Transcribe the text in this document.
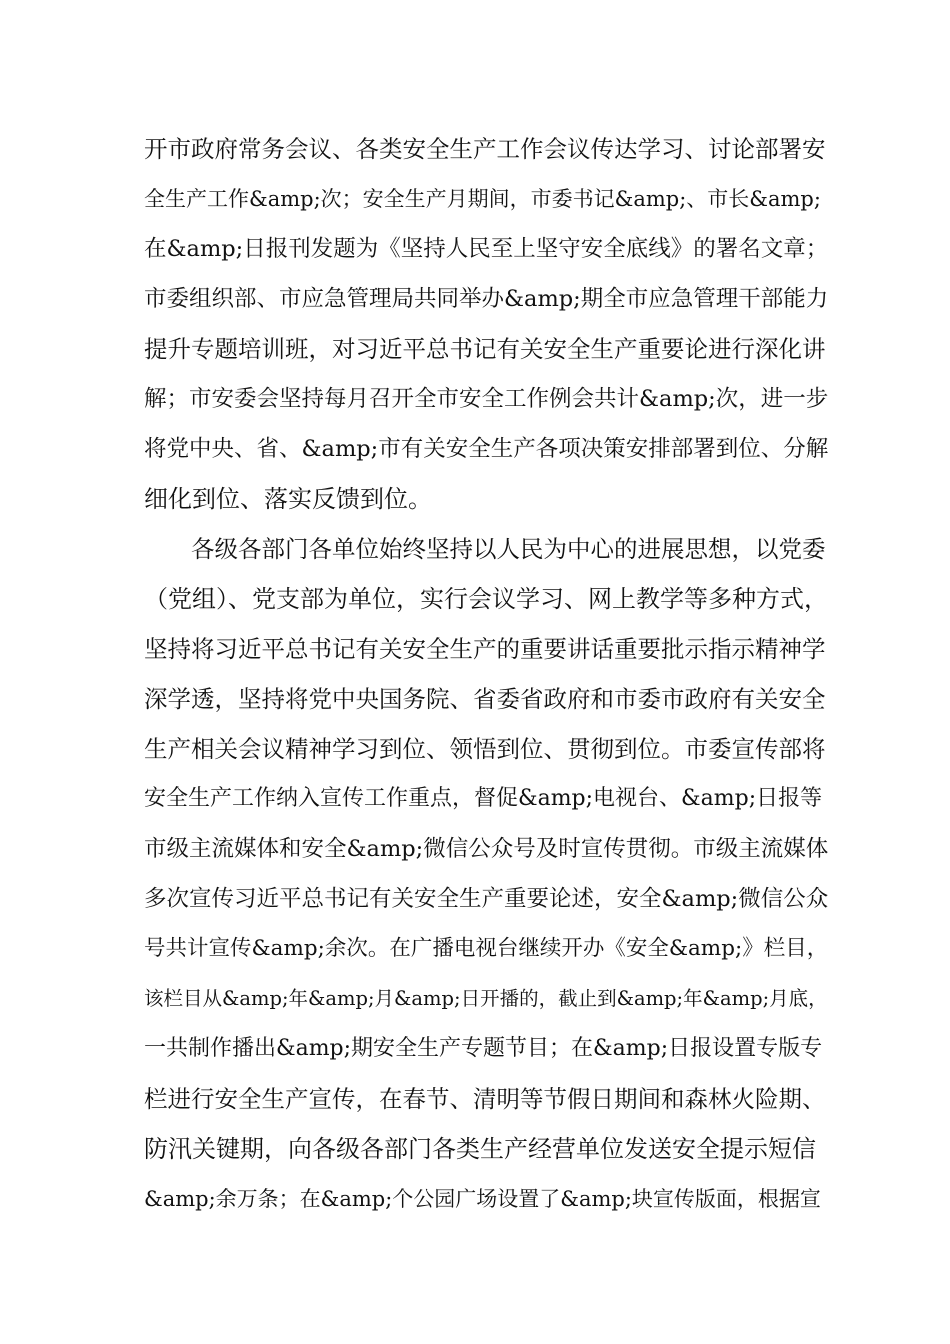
开市政府常务会议、各类安全生产工作会议传达学习、讨论部署安
全生产工作&amp;次；安全生产月期间，市委书记&amp;、市长&amp;
在&amp;日报刊发题为《坚持人民至上坚守安全底线》的署名文章；
市委组织部、市应急管理局共同举办&amp;期全市应急管理干部能力
提升专题培训班，对习近平总书记有关安全生产重要论进行深化讲
解；市安委会坚持每月召开全市安全工作例会共计&amp;次，进一步
将党中央、省、&amp;市有关安全生产各项决策安排部署到位、分解
细化到位、落实反馈到位。
　　各级各部门各单位始终坚持以人民为中心的进展思想，以党委
（党组）、党支部为单位，实行会议学习、网上教学等多种方式，
坚持将习近平总书记有关安全生产的重要讲话重要批示指示精神学
深学透，坚持将党中央国务院、省委省政府和市委市政府有关安全
生产相关会议精神学习到位、领悟到位、贯彻到位。市委宣传部将
安全生产工作纳入宣传工作重点，督促&amp;电视台、&amp;日报等
市级主流媒体和安全&amp;微信公众号及时宣传贯彻。市级主流媒体
多次宣传习近平总书记有关安全生产重要论述，安全&amp;微信公众
号共计宣传&amp;余次。在广播电视台继续开办《安全&amp;》栏目，
该栏目从&amp;年&amp;月&amp;日开播的，截止到&amp;年&amp;月底，
一共制作播出&amp;期安全生产专题节目；在&amp;日报设置专版专
栏进行安全生产宣传，在春节、清明等节假日期间和森林火险期、
防汛关键期，向各级各部门各类生产经营单位发送安全提示短信
&amp;余万条；在&amp;个公园广场设置了&amp;块宣传版面，根据宣
